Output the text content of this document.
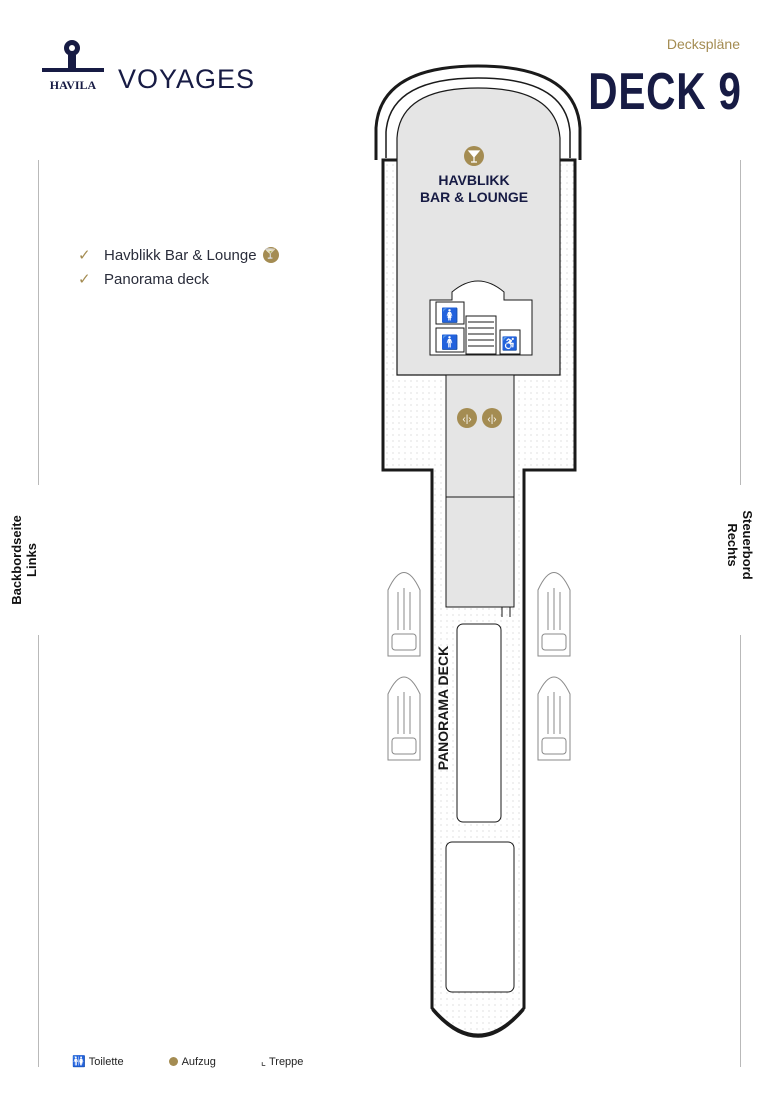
HAVILA VOYAGES
Deckspläne
DECK 9
✓ Havblikk Bar & Lounge 🍸
✓ Panorama deck
Backbordseite Links	Steuerbord
Rechts
🚺
🚹	♿
HAVBLIKK
BAR & LOUNGE
‹|› ‹|›
PANORAMA DECK
🚻 Toilette	Aufzug	⌞ Treppe
